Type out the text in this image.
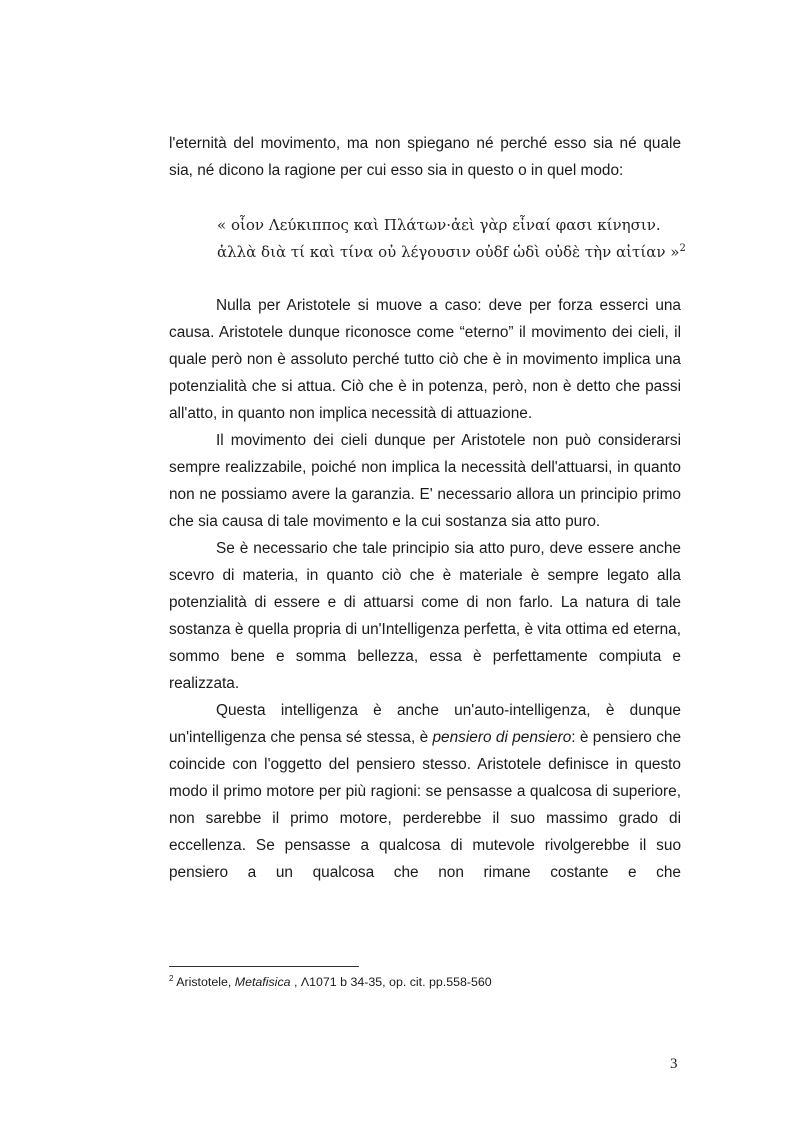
l'eternità del movimento, ma non spiegano né perché esso sia né quale
sia, né dicono la ragione per cui esso sia in questo o in quel modo:
« οἷον Λεύκιππος καὶ Πλάτων·ἀεὶ γὰρ εἶναί φασι κίνησιν.
ἀλλὰ διὰ τί καὶ τίνα οὐ λέγουσιν οὐδf ὡδὶ οὐδὲ τὴν αἰτίαν »$^2$

Nulla per Aristotele si muove a caso: deve per forza esserci una causa. Aristotele dunque riconosce come “eterno” il movimento dei cieli, il quale però non è assoluto perché tutto ciò che è in movimento implica una potenzialità che si attua. Ciò che è in potenza, però, non è detto che passi all'atto, in quanto non implica necessità di attuazione.

Il movimento dei cieli dunque per Aristotele non può considerarsi sempre realizzabile, poiché non implica la necessità dell'attuarsi, in quanto non ne possiamo avere la garanzia. E' necessario allora un principio primo che sia causa di tale movimento e la cui sostanza sia atto puro.

Se è necessario che tale principio sia atto puro, deve essere anche scevro di materia, in quanto ciò che è materiale è sempre legato alla potenzialità di essere e di attuarsi come di non farlo. La natura di tale sostanza è quella propria di un'Intelligenza perfetta, è vita ottima ed eterna, sommo bene e somma bellezza, essa è perfettamente compiuta e realizzata.

Questa intelligenza è anche un'auto-intelligenza, è dunque un'intelligenza che pensa sé stessa, è pensiero di pensiero: è pensiero che coincide con l'oggetto del pensiero stesso. Aristotele definisce in questo modo il primo motore per più ragioni: se pensasse a qualcosa di superiore, non sarebbe il primo motore, perderebbe il suo massimo grado di eccellenza. Se pensasse a qualcosa di mutevole rivolgerebbe il suo pensiero a un qualcosa che non rimane costante e che

$^2$ Aristotele, Metafisica , Λ1071 b 34-35, op. cit. pp.558-560
3
